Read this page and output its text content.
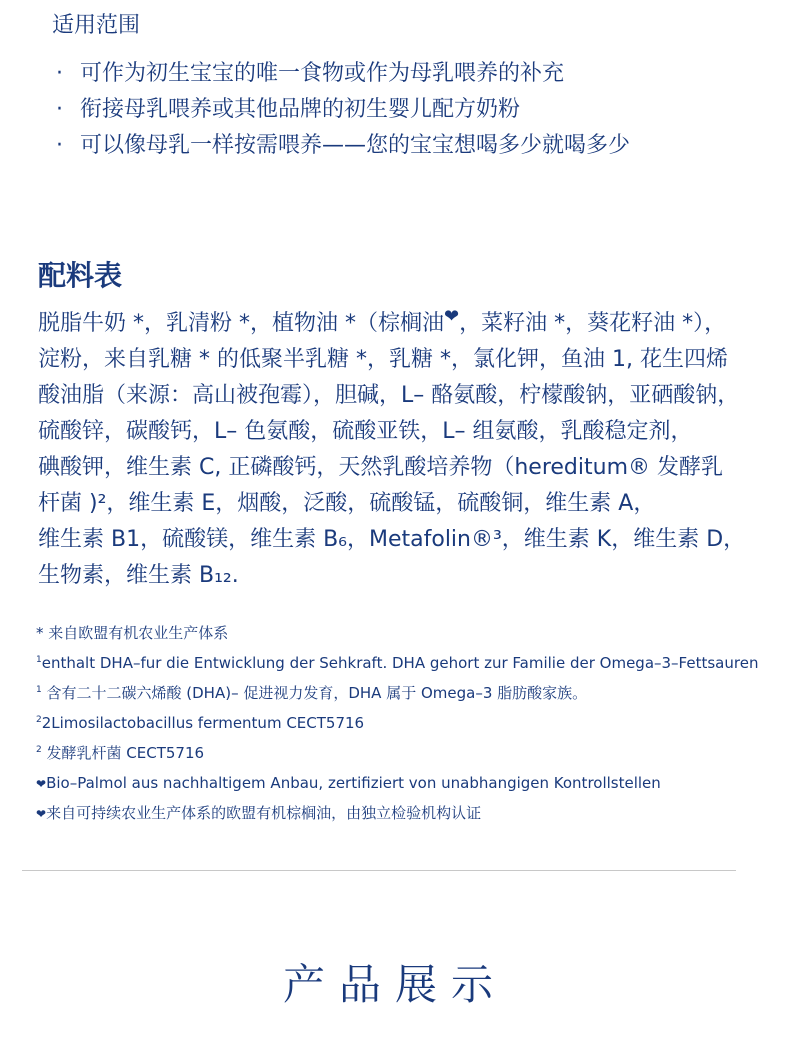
适用范围
· 可作为初生宝宝的唯一食物或作为母乳喂养的补充
· 衔接母乳喂养或其他品牌的初生婴儿配方奶粉
· 可以像母乳一样按需喂养——您的宝宝想喝多少就喝多少
配料表
脱脂牛奶 *，乳清粉 *，植物油 *（棕榈油❤，菜籽油 *，葵花籽油 *），
淀粉，来自乳糖 * 的低聚半乳糖 *，乳糖 *，氯化钾，鱼油 1, 花生四烯
酸油脂（来源：高山被孢霉），胆碱，L– 酪氨酸，柠檬酸钠，亚硒酸钠，
硫酸锌，碳酸钙，L– 色氨酸，硫酸亚铁，L– 组氨酸，乳酸稳定剂，
碘酸钾，维生素 C, 正磷酸钙，天然乳酸培养物（hereditum® 发酵乳
杆菌 )²，维生素 E，烟酸，泛酸，硫酸锰，硫酸铜，维生素 A，
维生素 B1，硫酸镁，维生素 B₆，Metafolin®³，维生素 K，维生素 D，
生物素，维生素 B₁₂.
* 来自欧盟有机农业生产体系
$^1$enthalt DHA–fur die Entwicklung der Sehkraft. DHA gehort zur Familie der Omega–3–Fettsauren
$^1$ 含有二十二碳六烯酸 (DHA)– 促进视力发育，DHA 属于 Omega–3 脂肪酸家族。
$^2$2Limosilactobacillus fermentum CECT5716
$^2$ 发酵乳杆菌 CECT5716
❤Bio–Palmol aus nachhaltigem Anbau, zertifiziert von unabhangigen Kontrollstellen
❤来自可持续农业生产体系的欧盟有机棕榈油，由独立检验机构认证
产品展示
